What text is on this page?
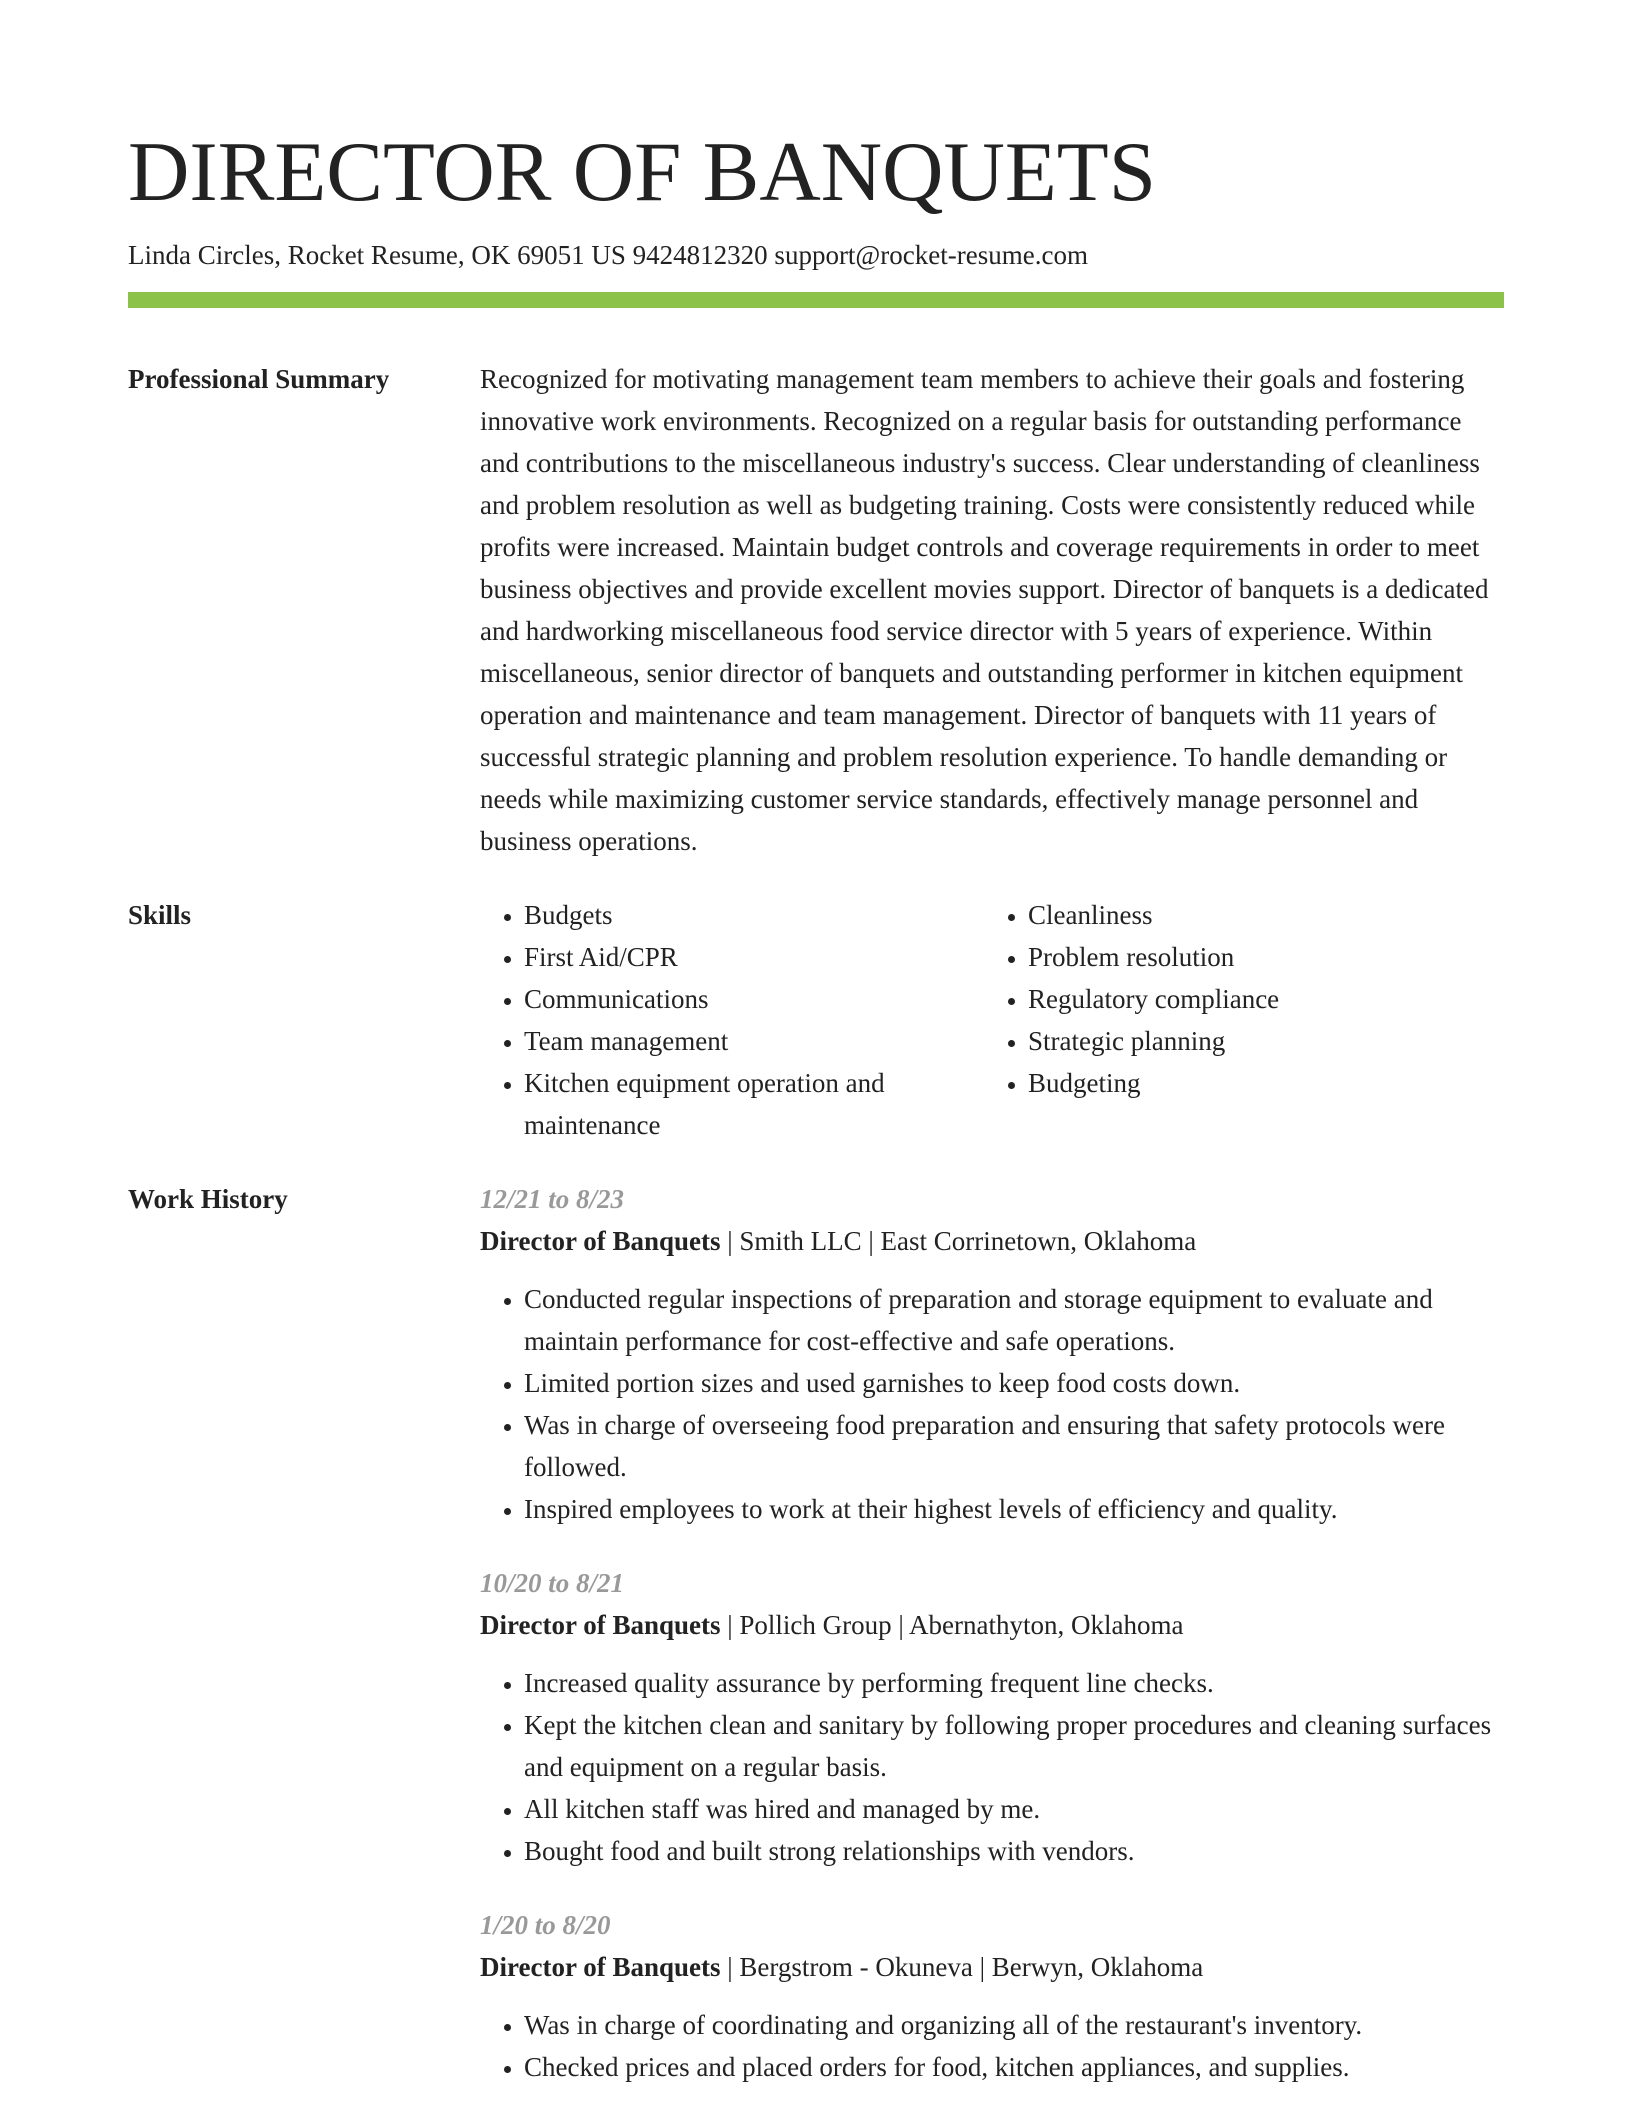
DIRECTOR OF BANQUETS
Linda Circles, Rocket Resume, OK 69051 US 9424812320 support@rocket-resume.com
Professional Summary	Recognized for motivating management team members to achieve their goals and fostering innovative work environments. Recognized on a regular basis for outstanding performance and contributions to the miscellaneous industry's success. Clear understanding of cleanliness and problem resolution as well as budgeting training. Costs were consistently reduced while profits were increased. Maintain budget controls and coverage requirements in order to meet business objectives and provide excellent movies support. Director of banquets is a dedicated and hardworking miscellaneous food service director with 5 years of experience. Within miscellaneous, senior director of banquets and outstanding performer in kitchen equipment operation and maintenance and team management. Director of banquets with 11 years of successful strategic planning and problem resolution experience. To handle demanding or needs while maximizing customer service standards, effectively manage personnel and business operations.

Skills
•	Budgets
• First Aid/CPR
• Communications
• Team management
• Kitchen equipment operation and maintenance
• Cleanliness
• Problem resolution
• Regulatory compliance
• Strategic planning
• Budgeting
Work History	12/21 to 8/23
Director of Banquets | Smith LLC | East Corrinetown, Oklahoma
• Conducted regular inspections of preparation and storage equipment to evaluate and maintain performance for cost-effective and safe operations.
• Limited portion sizes and used garnishes to keep food costs down.
• Was in charge of overseeing food preparation and ensuring that safety protocols were followed.
• Inspired employees to work at their highest levels of efficiency and quality.
10/20 to 8/21
Director of Banquets | Pollich Group | Abernathyton, Oklahoma
• Increased quality assurance by performing frequent line checks.
• Kept the kitchen clean and sanitary by following proper procedures and cleaning surfaces and equipment on a regular basis.
• All kitchen staff was hired and managed by me.
• Bought food and built strong relationships with vendors.
1/20 to 8/20
Director of Banquets | Bergstrom - Okuneva | Berwyn, Oklahoma
• Was in charge of coordinating and organizing all of the restaurant's inventory.
• Checked prices and placed orders for food, kitchen appliances, and supplies.
